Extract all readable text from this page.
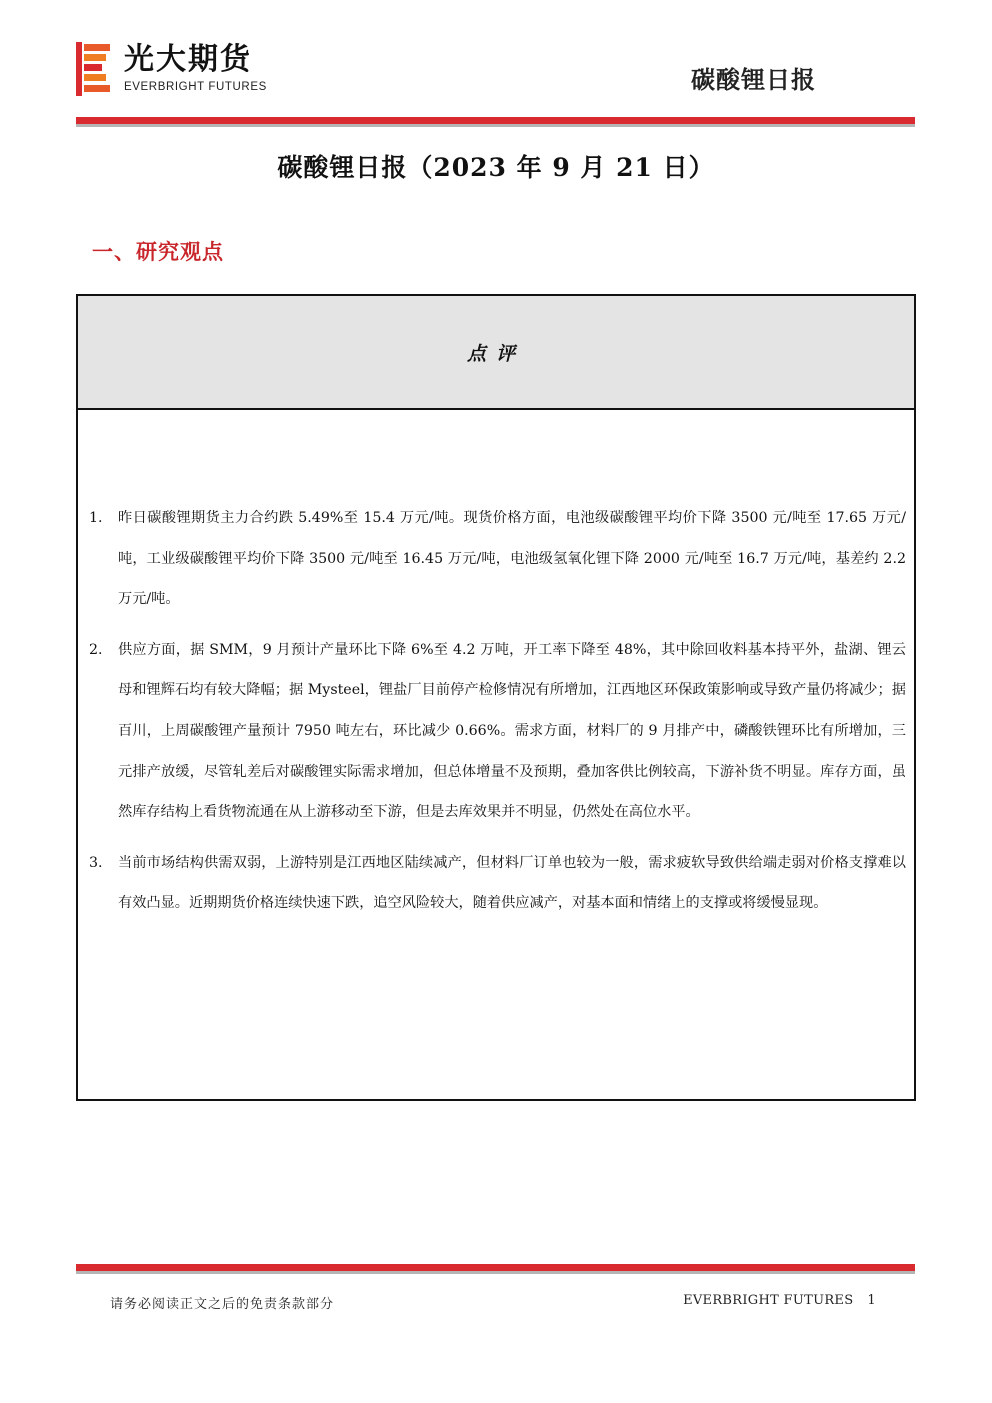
光大期货
EVERBRIGHT FUTURES	碳酸锂日报
碳酸锂日报（2023 年 9 月 21 日）
一、研究观点
点评
1. 昨日碳酸锂期货主力合约跌 5.49%至 15.4 万元/吨。现货价格方面，电池级碳酸锂平均价下降 3500 元/吨至 17.65 万元/吨，工业级碳酸锂平均价下降 3500 元/吨至 16.45 万元/吨，电池级氢氧化锂下降 2000 元/吨至 16.7 万元/吨，基差约 2.2 万元/吨。
2. 供应方面，据 SMM，9 月预计产量环比下降 6%至 4.2 万吨，开工率下降至 48%，其中除回收料基本持平外，盐湖、锂云母和锂辉石均有较大降幅；据 Mysteel，锂盐厂目前停产检修情况有所增加，江西地区环保政策影响或导致产量仍将减少；据百川，上周碳酸锂产量预计 7950 吨左右，环比减少 0.66%。需求方面，材料厂的 9 月排产中，磷酸铁锂环比有所增加，三元排产放缓，尽管轧差后对碳酸锂实际需求增加，但总体增量不及预期，叠加客供比例较高，下游补货不明显。库存方面，虽然库存结构上看货物流通在从上游移动至下游，但是去库效果并不明显，仍然处在高位水平。
3. 当前市场结构供需双弱，上游特别是江西地区陆续减产，但材料厂订单也较为一般，需求疲软导致供给端走弱对价格支撑难以有效凸显。近期期货价格连续快速下跌，追空风险较大，随着供应减产，对基本面和情绪上的支撑或将缓慢显现。
请务必阅读正文之后的免责条款部分	EVERBRIGHT FUTURES 1
